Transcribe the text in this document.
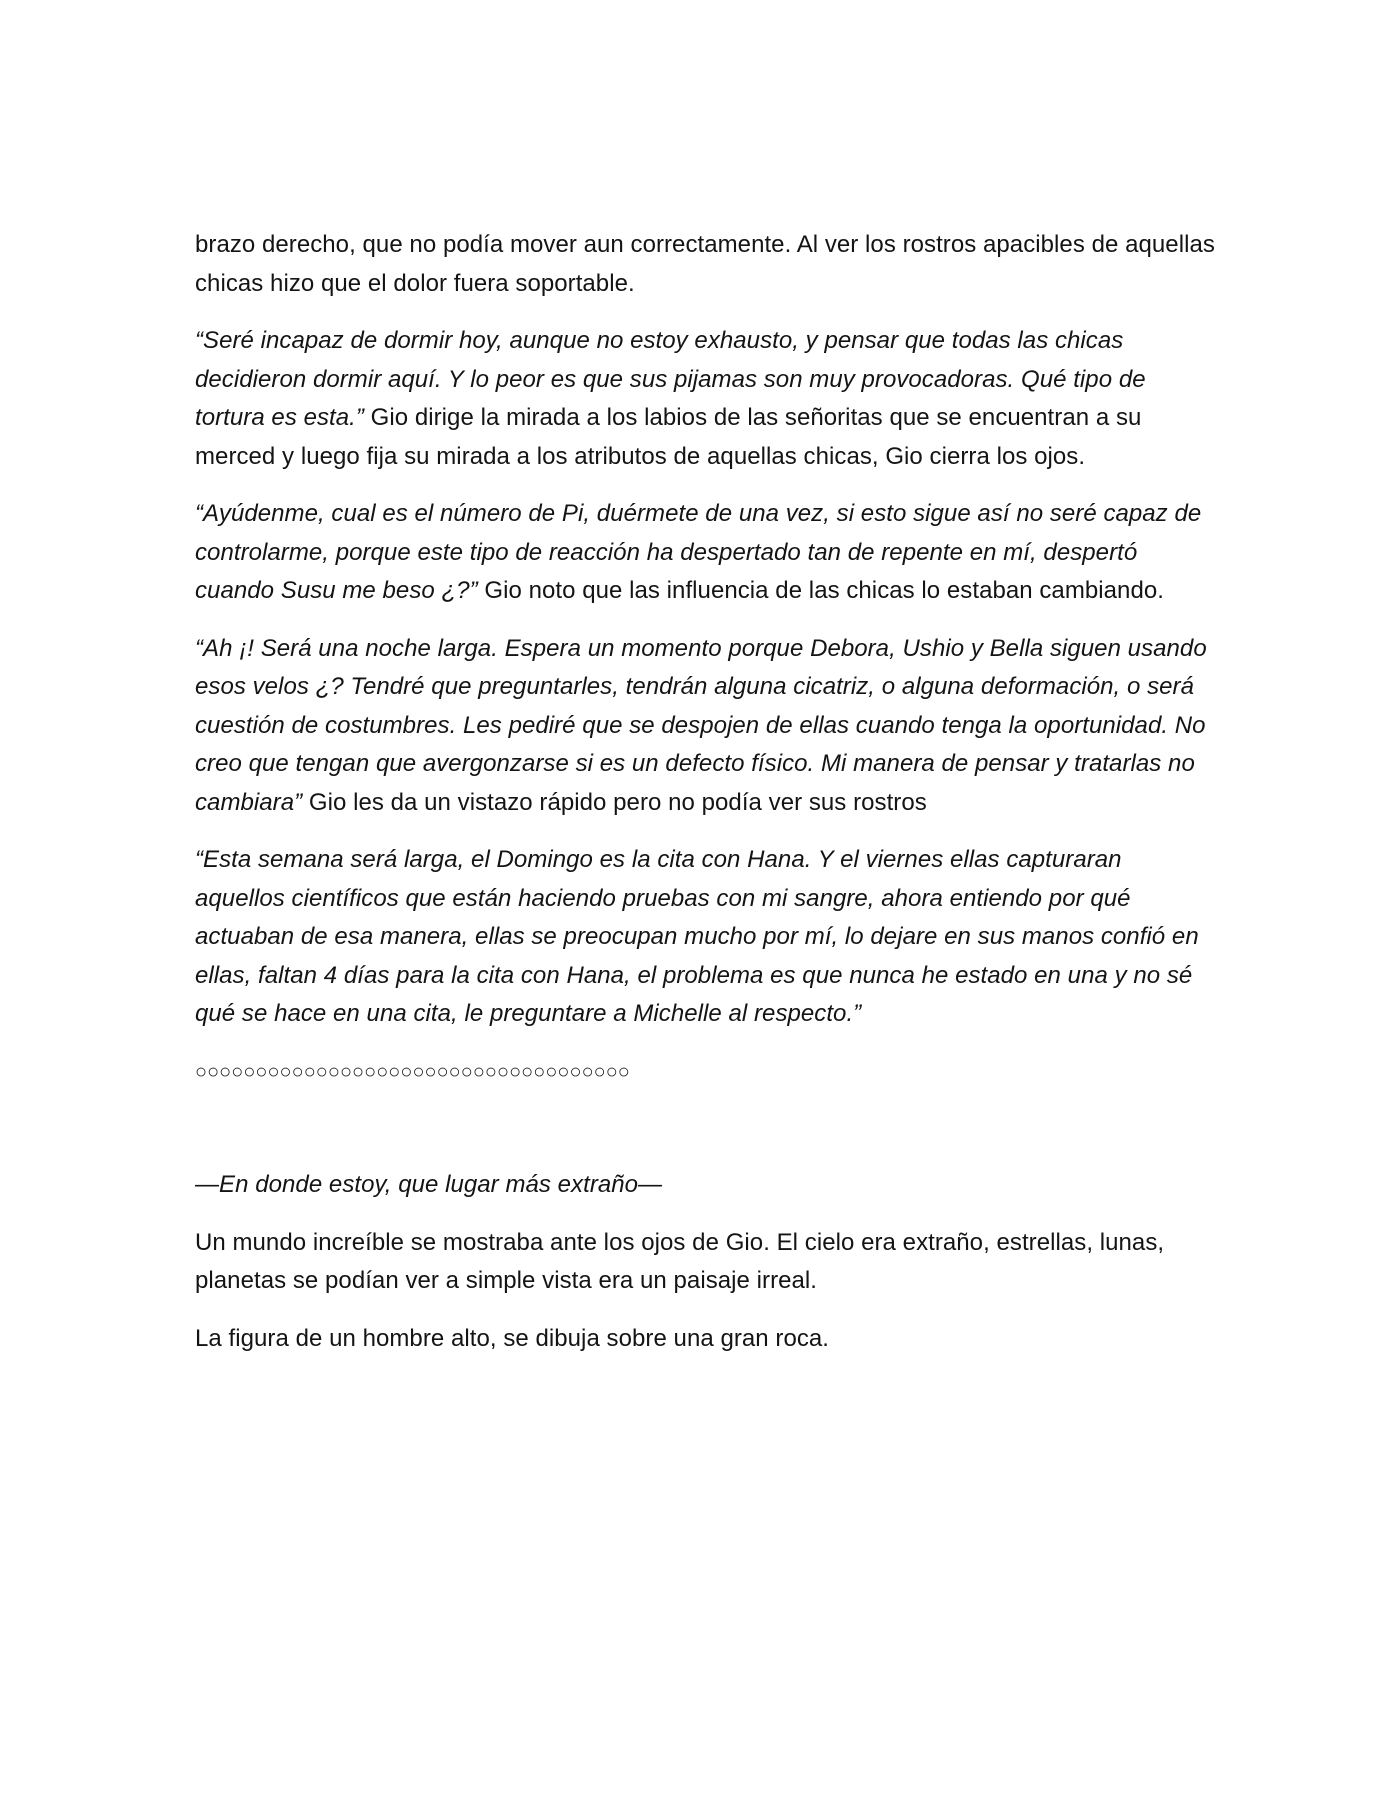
brazo derecho, que no podía mover aun correctamente. Al ver los rostros apacibles de aquellas chicas hizo que el dolor fuera soportable.

“Seré incapaz de dormir hoy, aunque no estoy exhausto, y pensar que todas las chicas decidieron dormir aquí. Y lo peor es que sus pijamas son muy provocadoras. Qué tipo de tortura es esta.” Gio dirige la mirada a los labios de las señoritas que se encuentran a su merced y luego fija su mirada a los atributos de aquellas chicas, Gio cierra los ojos.

“Ayúdenme, cual es el número de Pi, duérmete de una vez, si esto sigue así no seré capaz de controlarme, porque este tipo de reacción ha despertado tan de repente en mí, despertó cuando Susu me beso ¿?” Gio noto que las influencia de las chicas lo estaban cambiando.

“Ah ¡! Será una noche larga. Espera un momento porque Debora, Ushio y Bella siguen usando esos velos ¿? Tendré que preguntarles, tendrán alguna cicatriz, o alguna deformación, o será cuestión de costumbres. Les pediré que se despojen de ellas cuando tenga la oportunidad. No creo que tengan que avergonzarse si es un defecto físico. Mi manera de pensar y tratarlas no cambiara” Gio les da un vistazo rápido pero no podía ver sus rostros

“Esta semana será larga, el Domingo es la cita con Hana. Y el viernes ellas capturaran aquellos científicos que están haciendo pruebas con mi sangre, ahora entiendo por qué actuaban de esa manera, ellas se preocupan mucho por mí, lo dejare en sus manos confió en ellas, faltan 4 días para la cita con Hana, el problema es que nunca he estado en una y no sé qué se hace en una cita, le preguntare a Michelle al respecto.”

○○○○○○○○○○○○○○○○○○○○○○○○○○○○○○○○○○○○

—En donde estoy, que lugar más extraño—

Un mundo increíble se mostraba ante los ojos de Gio. El cielo era extraño, estrellas, lunas, planetas se podían ver a simple vista era un paisaje irreal.

La figura de un hombre alto, se dibuja sobre una gran roca.
